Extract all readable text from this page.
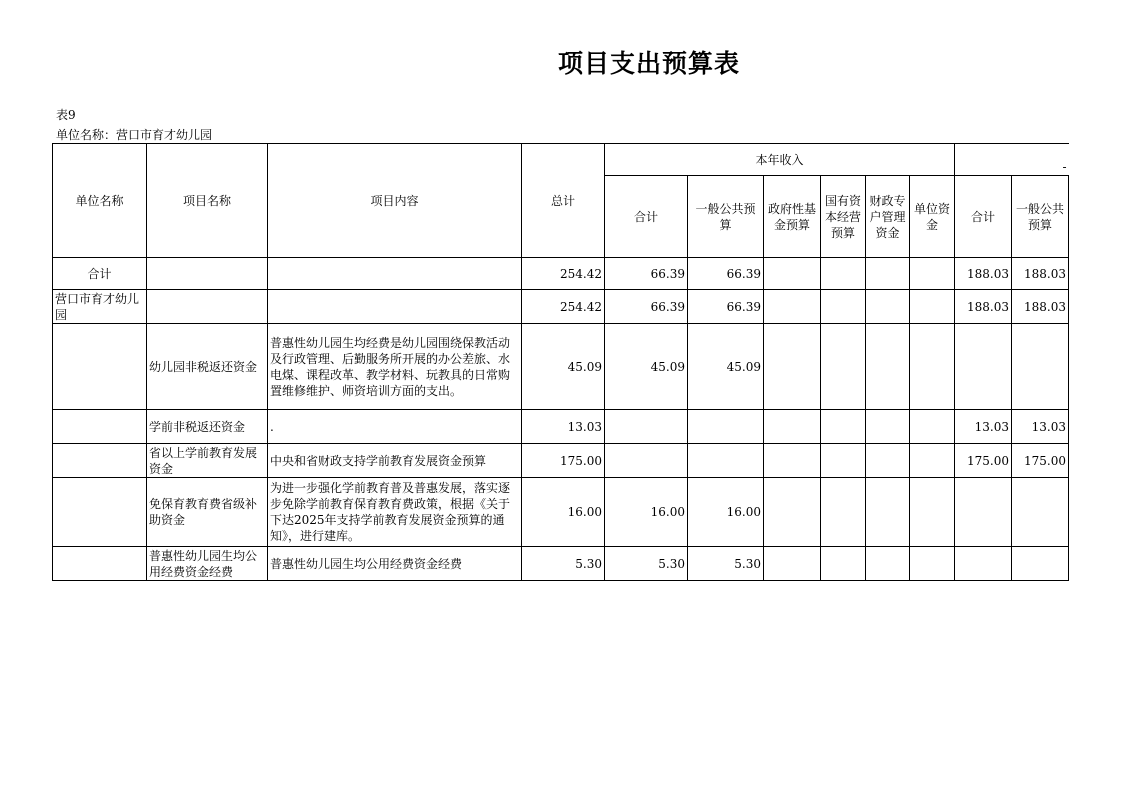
项目支出预算表
表9
单位名称：营口市育才幼儿园
单位名称	项目名称	项目内容	总计	本年收入						-	
				合计	一般公共预算	政府性基金预算	国有资本经营预算	财政专户管理资金	单位资金	合计	一般公共预算
合计			254.42	66.39	66.39					188.03	188.03
营口市育才幼儿园			254.42	66.39	66.39					188.03	188.03
	幼儿园非税返还资金	普惠性幼儿园生均经费是幼儿园围绕保教活动及行政管理、后勤服务所开展的办公差旅、水电煤、课程改革、教学材料、玩教具的日常购置维修维护、师资培训方面的支出。	45.09	45.09	45.09						
	学前非税返还资金	.	13.03							13.03	13.03
	省以上学前教育发展资金	中央和省财政支持学前教育发展资金预算	175.00							175.00	175.00
	免保育教育费省级补助资金	为进一步强化学前教育普及普惠发展，落实逐步免除学前教育保育教育费政策，根据《关于下达2025年支持学前教育发展资金预算的通知》，进行建库。	16.00	16.00	16.00						
	普惠性幼儿园生均公用经费资金经费	普惠性幼儿园生均公用经费资金经费	5.30	5.30	5.30						
